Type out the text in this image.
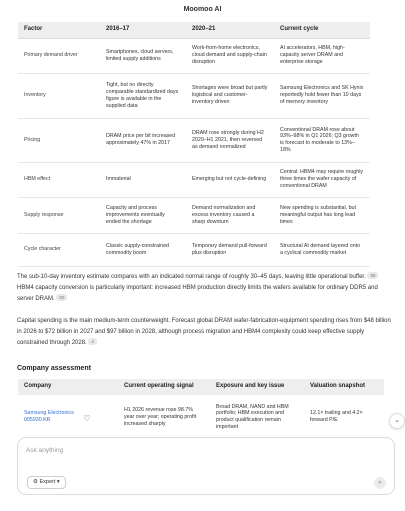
Moomoo AI
Factor	2016–17	2020–21	Current cycle
Primary demand driver	Smartphones, cloud servers, limited supply additions	Work-from-home electronics, cloud demand and supply-chain disruption	AI accelerators, HBM, high-capacity server DRAM and enterprise storage
Inventory	Tight, but no directly comparable standardized days figure is available in the supplied data	Shortages were broad but partly logistical and customer-inventory driven	Samsung Electronics and SK Hynix reportedly hold fewer than 10 days of memory inventory
Pricing	DRAM price per bit increased approximately 47% in 2017	DRAM rose strongly during H2 2020–H1 2021, then reversed as demand normalized	Conventional DRAM rose about 93%–98% in Q1 2026; Q3 growth is forecast to moderate to 13%–18%
HBM effect	Immaterial	Emerging but not cycle-defining	Central: HBM4 may require roughly three times the wafer capacity of conventional DRAM
Supply response	Capacity and process improvements eventually ended the shortage	Demand normalization and excess inventory caused a sharp downturn	New spending is substantial, but meaningful output has long lead times
Cycle character	Classic supply-constrained commodity boom	Temporary demand pull-forward plus disruption	Structural AI demand layered onto a cyclical commodity market

The sub-10-day inventory estimate compares with an indicated normal range of roughly 30–45 days, leaving little operational buffer. 58 HBM4 capacity conversion is particularly important: increased HBM production directly limits the wafers available for ordinary DDR5 and server DRAM. 60

Capital spending is the main medium-term counterweight. Forecast global DRAM wafer-fabrication-equipment spending rises from $48 billion in 2026 to $72 billion in 2027 and $97 billion in 2028, although process migration and HBM4 complexity could keep effective supply constrained through 2028. 4

Company assessment
Company	Current operating signal	Exposure and key issue	Valuation snapshot

Samsung Electronics
005930.KR ♡	H1 2026 revenue rose 98.7% year over year; operating profit increased sharply	Broad DRAM, NAND and HBM portfolio; HBM execution and product qualification remain important	12.1× trailing and 4.2× forward P/E	⌄
Ask anything
⚙ Expert ▾	➤
